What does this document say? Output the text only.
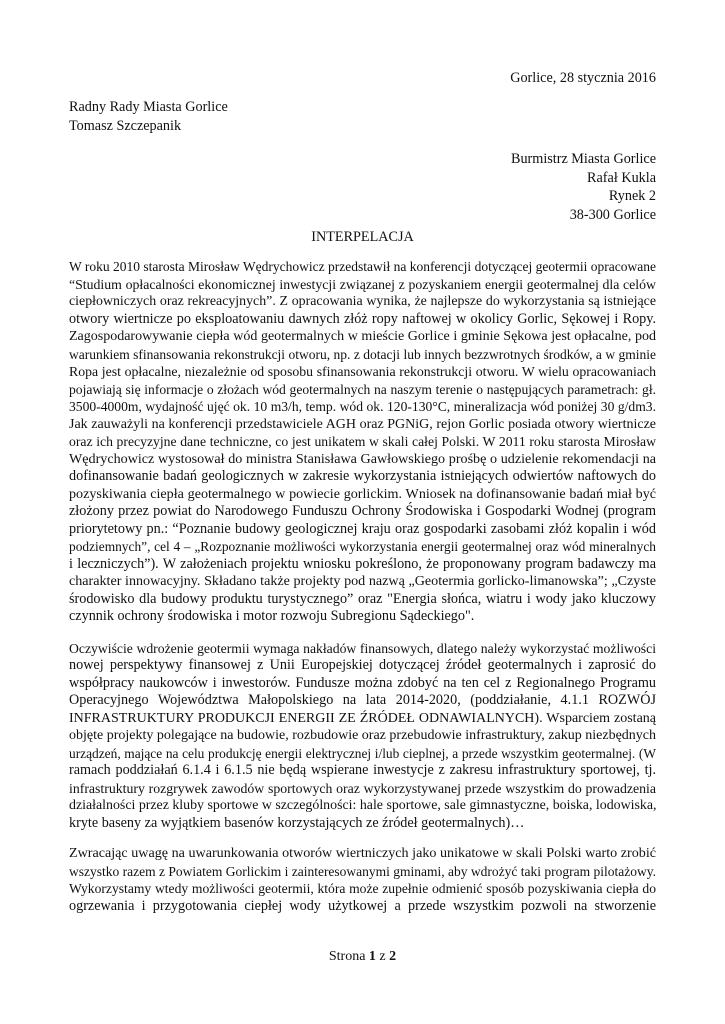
Gorlice, 28 stycznia 2016
Radny Rady Miasta Gorlice
Tomasz Szczepanik
Burmistrz Miasta Gorlice
Rafał Kukla
Rynek 2
38-300 Gorlice
INTERPELACJA

W roku 2010 starosta Mirosław Wędrychowicz przedstawił na konferencji dotyczącej geotermii opracowane
“Studium opłacalności ekonomicznej inwestycji związanej z pozyskaniem energii geotermalnej dla celów
ciepłowniczych oraz rekreacyjnych”. Z opracowania wynika, że najlepsze do wykorzystania są istniejące
otwory wiertnicze po eksploatowaniu dawnych złóż ropy naftowej w okolicy Gorlic, Sękowej i Ropy.
Zagospodarowywanie ciepła wód geotermalnych w mieście Gorlice i gminie Sękowa jest opłacalne, pod
warunkiem sfinansowania rekonstrukcji otworu, np. z dotacji lub innych bezzwrotnych środków, a w gminie
Ropa jest opłacalne, niezależnie od sposobu sfinansowania rekonstrukcji otworu. W wielu opracowaniach
pojawiają się informacje o złożach wód geotermalnych na naszym terenie o następujących parametrach: gł.
3500-4000m, wydajność ujęć ok. 10 m3/h, temp. wód ok. 120-130°C, mineralizacja wód poniżej 30 g/dm3.
Jak zauważyli na konferencji przedstawiciele AGH oraz PGNiG, rejon Gorlic posiada otwory wiertnicze
oraz ich precyzyjne dane techniczne, co jest unikatem w skali całej Polski. W 2011 roku starosta Mirosław
Wędrychowicz wystosował do ministra Stanisława Gawłowskiego prośbę o udzielenie rekomendacji na
dofinansowanie badań geologicznych w zakresie wykorzystania istniejących odwiertów naftowych do
pozyskiwania ciepła geotermalnego w powiecie gorlickim. Wniosek na dofinansowanie badań miał być
złożony przez powiat do Narodowego Funduszu Ochrony Środowiska i Gospodarki Wodnej (program
priorytetowy pn.: “Poznanie budowy geologicznej kraju oraz gospodarki zasobami złóż kopalin i wód
podziemnych”, cel 4 – „Rozpoznanie możliwości wykorzystania energii geotermalnej oraz wód mineralnych
i leczniczych”). W założeniach projektu wniosku pokreślono, że proponowany program badawczy ma
charakter innowacyjny. Składano także projekty pod nazwą „Geotermia gorlicko-limanowska”; „Czyste
środowisko dla budowy produktu turystycznego” oraz "Energia słońca, wiatru i wody jako kluczowy
czynnik ochrony środowiska i motor rozwoju Subregionu Sądeckiego".

Oczywiście wdrożenie geotermii wymaga nakładów finansowych, dlatego należy wykorzystać możliwości
nowej perspektywy finansowej z Unii Europejskiej dotyczącej źródeł geotermalnych i zaprosić do
współpracy naukowców i inwestorów. Fundusze można zdobyć na ten cel z Regionalnego Programu
Operacyjnego Województwa Małopolskiego na lata 2014-2020, (poddziałanie, 4.1.1 ROZWÓJ
INFRASTRUKTURY PRODUKCJI ENERGII ZE ŹRÓDEŁ ODNAWIALNYCH). Wsparciem zostaną
objęte projekty polegające na budowie, rozbudowie oraz przebudowie infrastruktury, zakup niezbędnych
urządzeń, mające na celu produkcję energii elektrycznej i/lub cieplnej, a przede wszystkim geotermalnej. (W
ramach poddziałań 6.1.4 i 6.1.5 nie będą wspierane inwestycje z zakresu infrastruktury sportowej, tj.
infrastruktury rozgrywek zawodów sportowych oraz wykorzystywanej przede wszystkim do prowadzenia
działalności przez kluby sportowe w szczególności: hale sportowe, sale gimnastyczne, boiska, lodowiska,
kryte baseny za wyjątkiem basenów korzystających ze źródeł geotermalnych)…

Zwracając uwagę na uwarunkowania otworów wiertniczych jako unikatowe w skali Polski warto zrobić
wszystko razem z Powiatem Gorlickim i zainteresowanymi gminami, aby wdrożyć taki program pilotażowy.
Wykorzystamy wtedy możliwości geotermii, która może zupełnie odmienić sposób pozyskiwania ciepła do
ogrzewania i przygotowania ciepłej wody użytkowej a przede wszystkim pozwoli na stworzenie

Strona 1 z 2
